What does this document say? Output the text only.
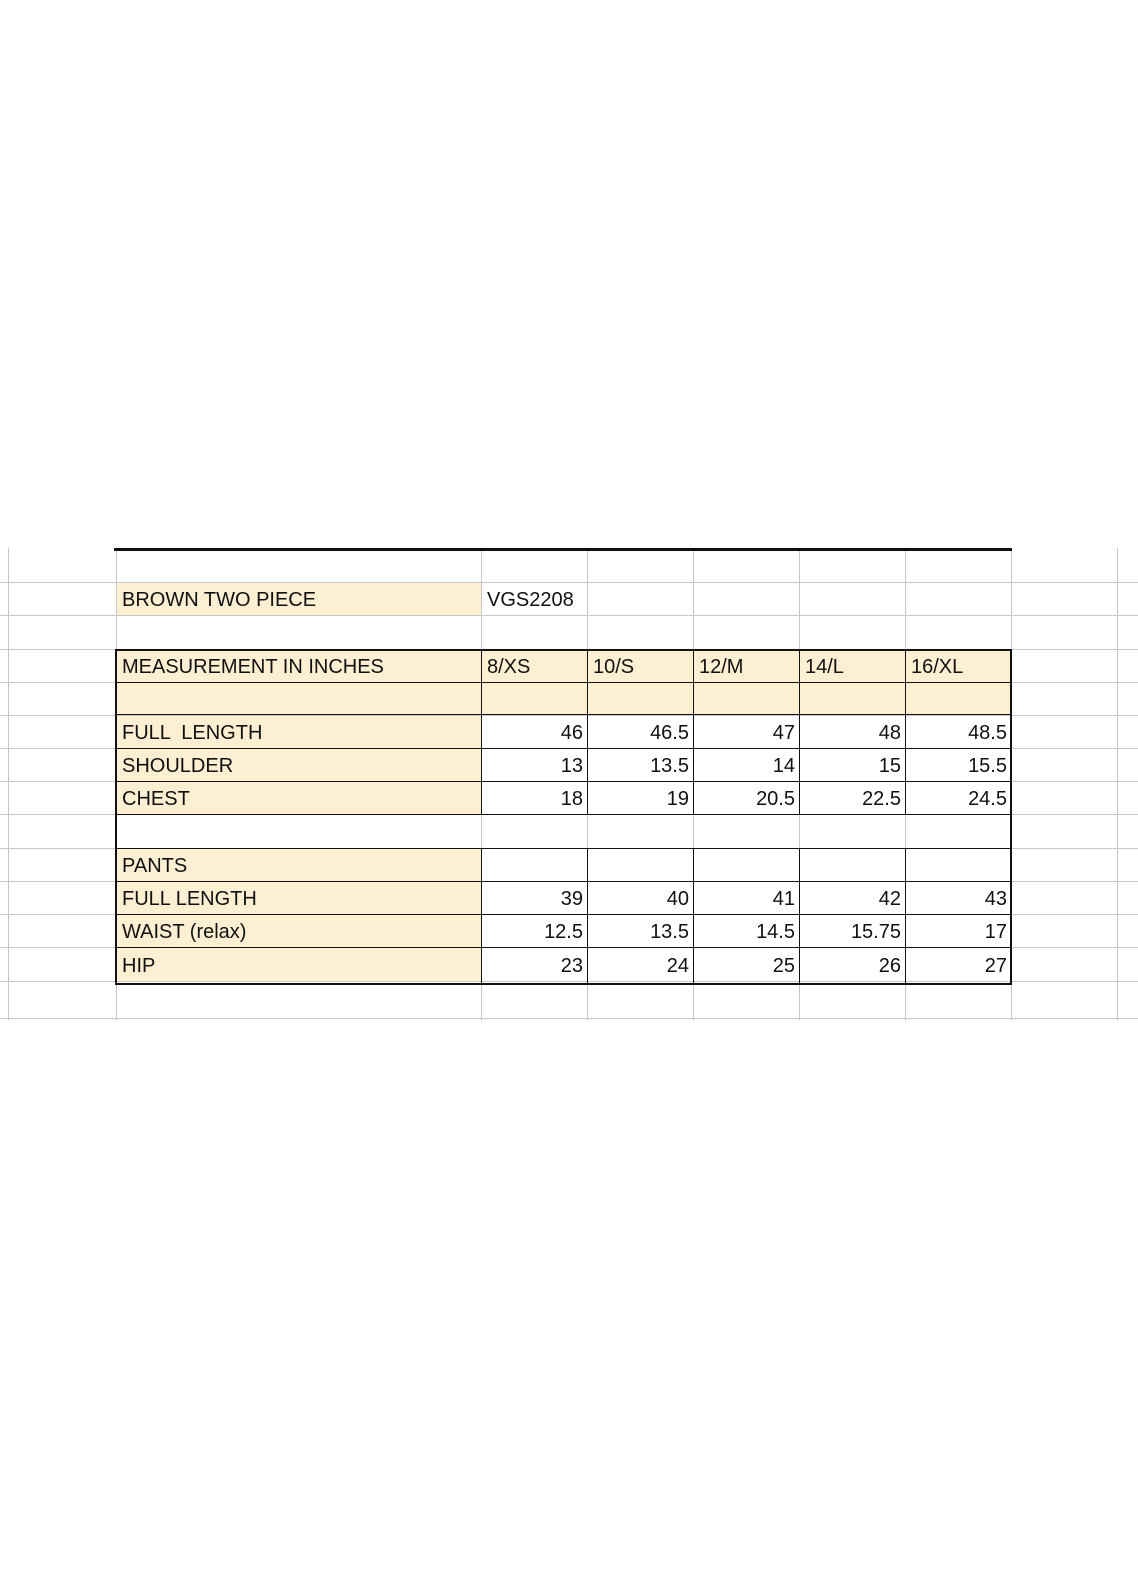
BROWN TWO PIECE	VGS2208
MEASUREMENT IN INCHES	8/XS	10/S	12/M	14/L	16/XL
FULL  LENGTH	46	46.5	47	48	48.5
SHOULDER	13	13.5	14	15	15.5
CHEST	18	19	20.5	22.5	24.5
PANTS
FULL LENGTH	39	40	41	42	43
WAIST (relax)	12.5	13.5	14.5	15.75	17
HIP	23	24	25	26	27
